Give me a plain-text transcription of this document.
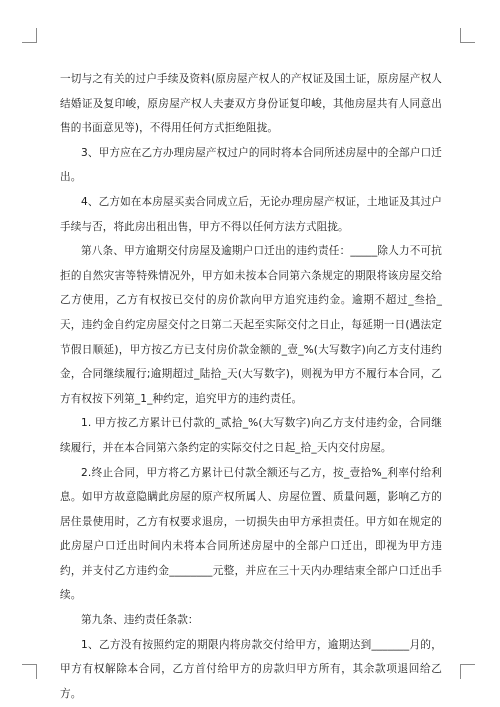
一切与之有关的过户手续及资料(原房屋产权人的产权证及国土证，原房屋产权人结婚证及复印峻，原房屋产权人夫妻双方身份证复印峻，其他房屋共有人同意出售的书面意见等)，不得用任何方式拒绝阻拢。

3、甲方应在乙方办理房屋产权过户的同时将本合同所述房屋中的全部户口迁出。

4、乙方如在本房屋买卖合同成立后，无论办理房屋产权证，土地证及其过户手续与否，将此房出租出售，甲方不得以任何方法方式阻拢。

第八条、甲方逾期交付房屋及逾期户口迁出的违约责任：_____除人力不可抗拒的自然灾害等特殊情况外，甲方如未按本合同第六条规定的期限将该房屋交给乙方使用，乙方有权按已交付的房价款向甲方追究违约金。逾期不超过_叁拾_天，违约金自约定房屋交付之日第二天起至实际交付之日止，每延期一日(遇法定节假日顺延)，甲方按乙方已支付房价款金额的_壹_%(大写数字)向乙方支付违约金，合同继续履行;逾期超过_陆拾_天(大写数字)，则视为甲方不履行本合同，乙方有权按下列第_1_种约定，追究甲方的违约责任。

1. 甲方按乙方累计已付款的_贰拾_%(大写数字)向乙方支付违约金，合同继续履行，并在本合同第六条约定的实际交付之日起_拾_天内交付房屋。

2.终止合同，甲方将乙方累计已付款全额还与乙方，按_壹拾%_利率付给利息。如甲方故意隐瞒此房屋的原产权所属人、房屋位置、质量问题，影响乙方的居住景使用时，乙方有权要求退房，一切损失由甲方承担责任。甲方如在规定的此房屋户口迁出时间内未将本合同所述房屋中的全部户口迁出，即视为甲方违约，并支付乙方违约金________元整，并应在三十天内办理结束全部户口迁出手续。

第九条、违约责任条款：

1、乙方没有按照约定的期限内将房款交付给甲方，逾期达到_______月的，甲方有权解除本合同，乙方首付给甲方的房款归甲方所有，其余款项退回给乙方。
